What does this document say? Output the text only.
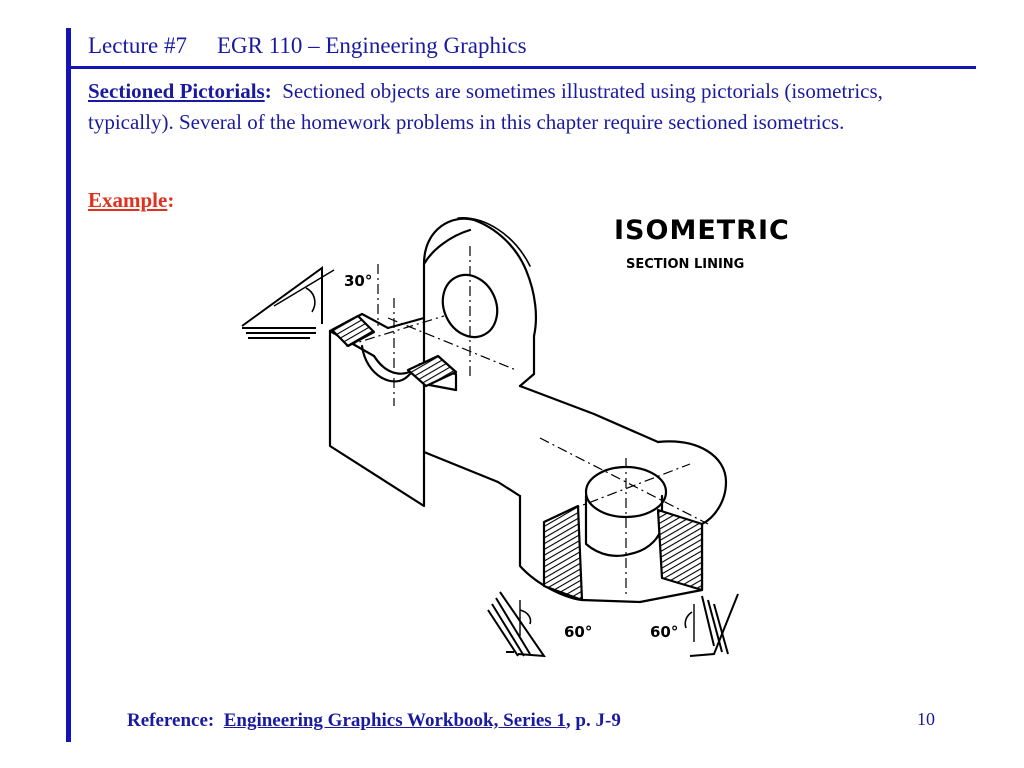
Lecture #7 EGR 110 – Engineering Graphics
Sectioned Pictorials: Sectioned objects are sometimes illustrated using pictorials (isometrics, typically). Several of the homework problems in this chapter require sectioned isometrics.
Example:
ISOMETRIC
SECTION LINING
30°
60°	60°
Reference: Engineering Graphics Workbook, Series 1, p. J-9	10
